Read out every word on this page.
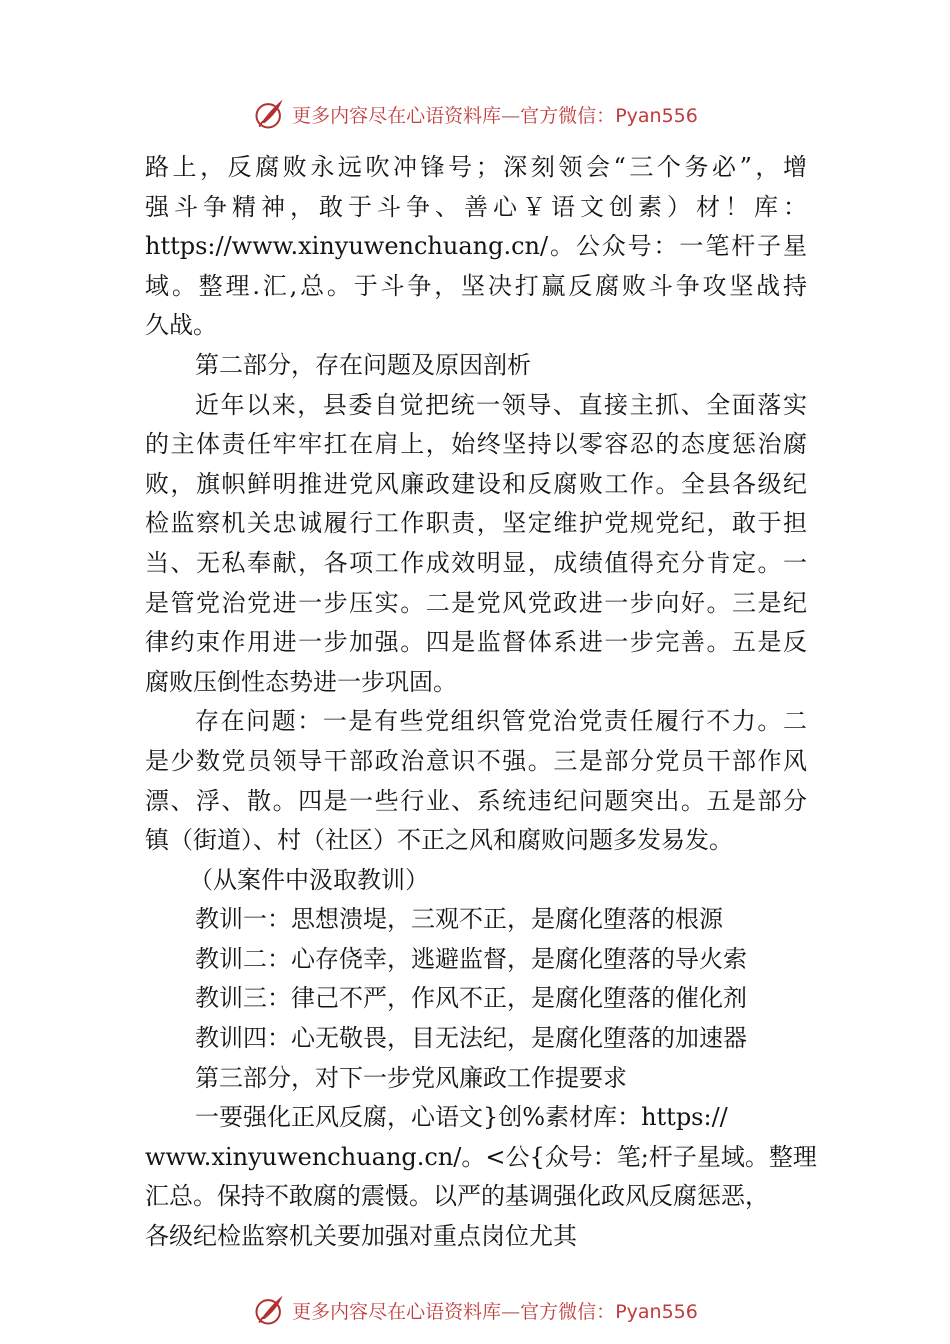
更多内容尽在心语资料库—官方微信：Pyan556
路上，反腐败永远吹冲锋号；深刻领会“三个务必”，增
强斗争精神，敢于斗争、善心￥语文创素）材！库：
https://www.xinyuwenchuang.cn/。公众号：一笔杆子星
域。整理.汇,总。于斗争，坚决打赢反腐败斗争攻坚战持
久战。
第二部分，存在问题及原因剖析
近年以来，县委自觉把统一领导、直接主抓、全面落实
的主体责任牢牢扛在肩上，始终坚持以零容忍的态度惩治腐
败，旗帜鲜明推进党风廉政建设和反腐败工作。全县各级纪
检监察机关忠诚履行工作职责，坚定维护党规党纪，敢于担
当、无私奉献，各项工作成效明显，成绩值得充分肯定。一
是管党治党进一步压实。二是党风党政进一步向好。三是纪
律约束作用进一步加强。四是监督体系进一步完善。五是反
腐败压倒性态势进一步巩固。
存在问题：一是有些党组织管党治党责任履行不力。二
是少数党员领导干部政治意识不强。三是部分党员干部作风
漂、浮、散。四是一些行业、系统违纪问题突出。五是部分
镇（街道）、村（社区）不正之风和腐败问题多发易发。
（从案件中汲取教训）
教训一：思想溃堤，三观不正，是腐化堕落的根源
教训二：心存侥幸，逃避监督，是腐化堕落的导火索
教训三：律己不严，作风不正，是腐化堕落的催化剂
教训四：心无敬畏，目无法纪，是腐化堕落的加速器
第三部分，对下一步党风廉政工作提要求
一要强化正风反腐，心语文}创%素材库：https://
www.xinyuwenchuang.cn/。<公{众号：笔;杆子星域。整理
汇总。保持不敢腐的震慑。以严的基调强化政风反腐惩恶，
各级纪检监察机关要加强对重点岗位尤其
更多内容尽在心语资料库—官方微信：Pyan556
